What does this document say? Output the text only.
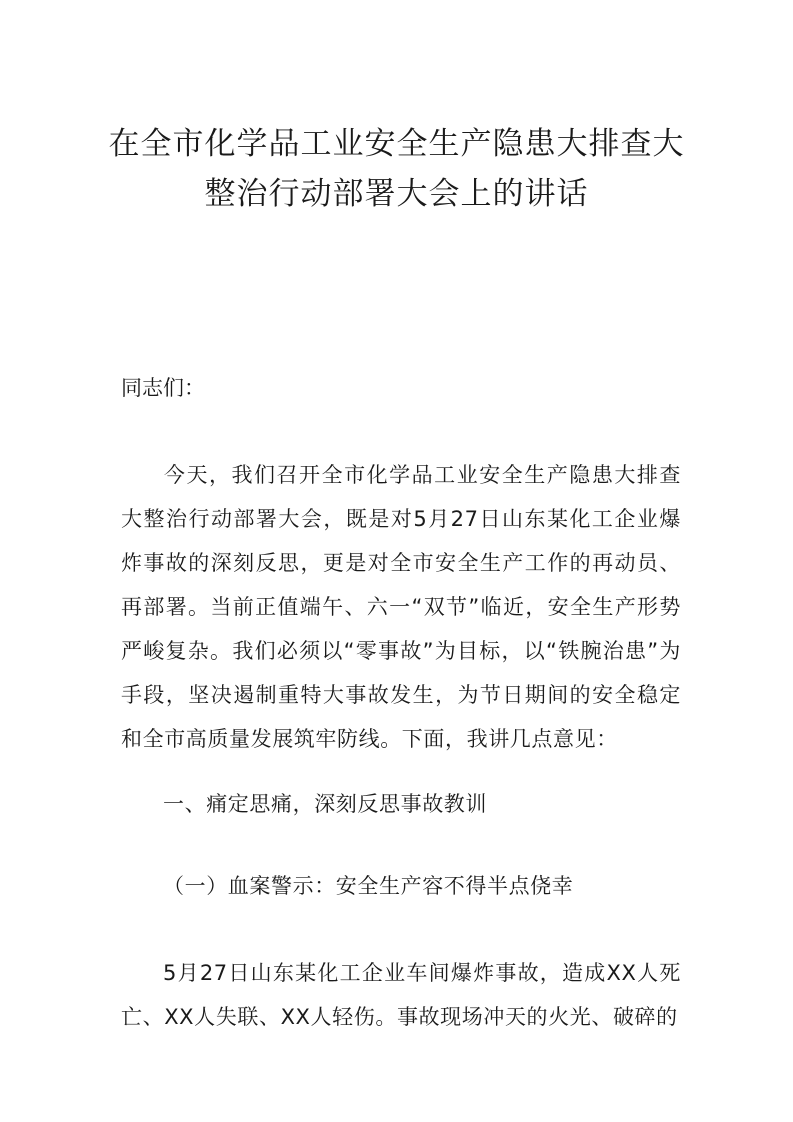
在全市化学品工业安全生产隐患大排查大
整治行动部署大会上的讲话

同志们：

今天，我们召开全市化学品工业安全生产隐患大排查大整治行动部署大会，既是对5月27日山东某化工企业爆炸事故的深刻反思，更是对全市安全生产工作的再动员、再部署。当前正值端午、六一“双节”临近，安全生产形势严峻复杂。我们必须以“零事故”为目标，以“铁腕治患”为手段，坚决遏制重特大事故发生，为节日期间的安全稳定和全市高质量发展筑牢防线。下面，我讲几点意见：

一、痛定思痛，深刻反思事故教训

（一）血案警示：安全生产容不得半点侥幸

5月27日山东某化工企业车间爆炸事故，造成XX人死亡、XX人失联、XX人轻伤。事故现场冲天的火光、破碎的
